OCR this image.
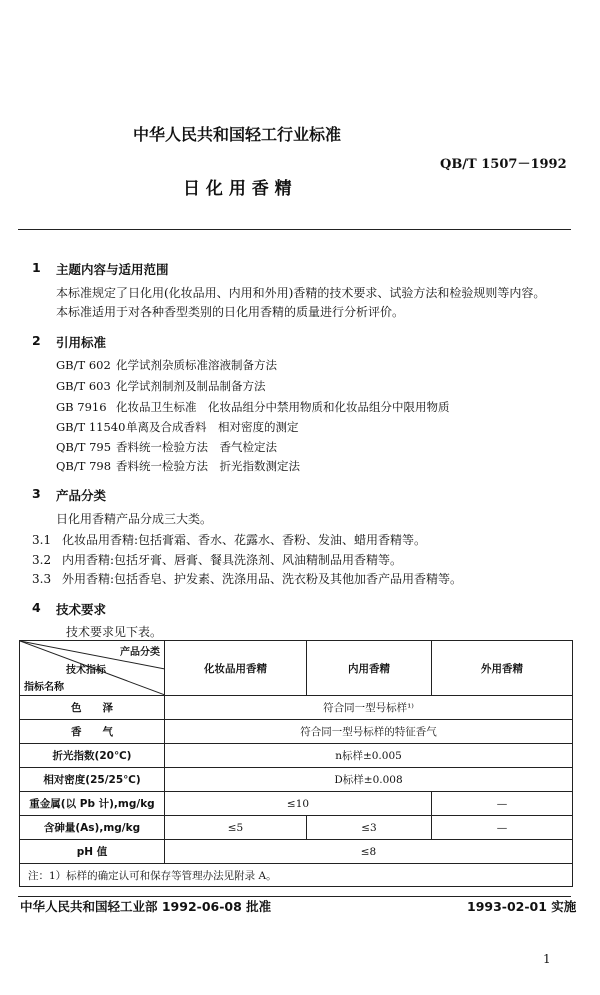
中华人民共和国轻工行业标准
QB/T 1507－1992
日 化 用 香 精
1 主题内容与适用范围
本标准规定了日化用(化妆品用、内用和外用)香精的技术要求、试验方法和检验规则等内容。
本标准适用于对各种香型类别的日化用香精的质量进行分析评价。
2 引用标准
GB/T 602 化学试剂杂质标准溶液制备方法
GB/T 603 化学试剂制剂及制品制备方法
GB 7916 化妆品卫生标准　化妆品组分中禁用物质和化妆品组分中限用物质
GB/T 11540单离及合成香料　相对密度的测定
QB/T 795 香料统一检验方法　香气检定法
QB/T 798 香料统一检验方法　折光指数测定法
3 产品分类
日化用香精产品分成三大类。
3.1 化妆品用香精:包括膏霜、香水、花露水、香粉、发油、蜡用香精等。
3.2 内用香精:包括牙膏、唇膏、餐具洗涤剂、风油精制品用香精等。
3.3 外用香精:包括香皂、护发素、洗涤用品、洗衣粉及其他加香产品用香精等。
4 技术要求
技术要求见下表。
产品分类
技术指标
指标名称	化妆品用香精	内用香精	外用香精
色　　泽	符合同一型号标样¹⁾		
香　　气	符合同一型号标样的特征香气		
折光指数(20℃)	n标样±0.005		
相对密度(25/25℃)	D标样±0.008		
重金属(以 Pb 计),mg/kg	≤10		—
含砷量(As),mg/kg	≤5	≤3	—
pH 值	≤8		
注：1）标样的确定认可和保存等管理办法见附录 A。			
中华人民共和国轻工业部 1992-06-08 批准	1993-02-01 实施
1
